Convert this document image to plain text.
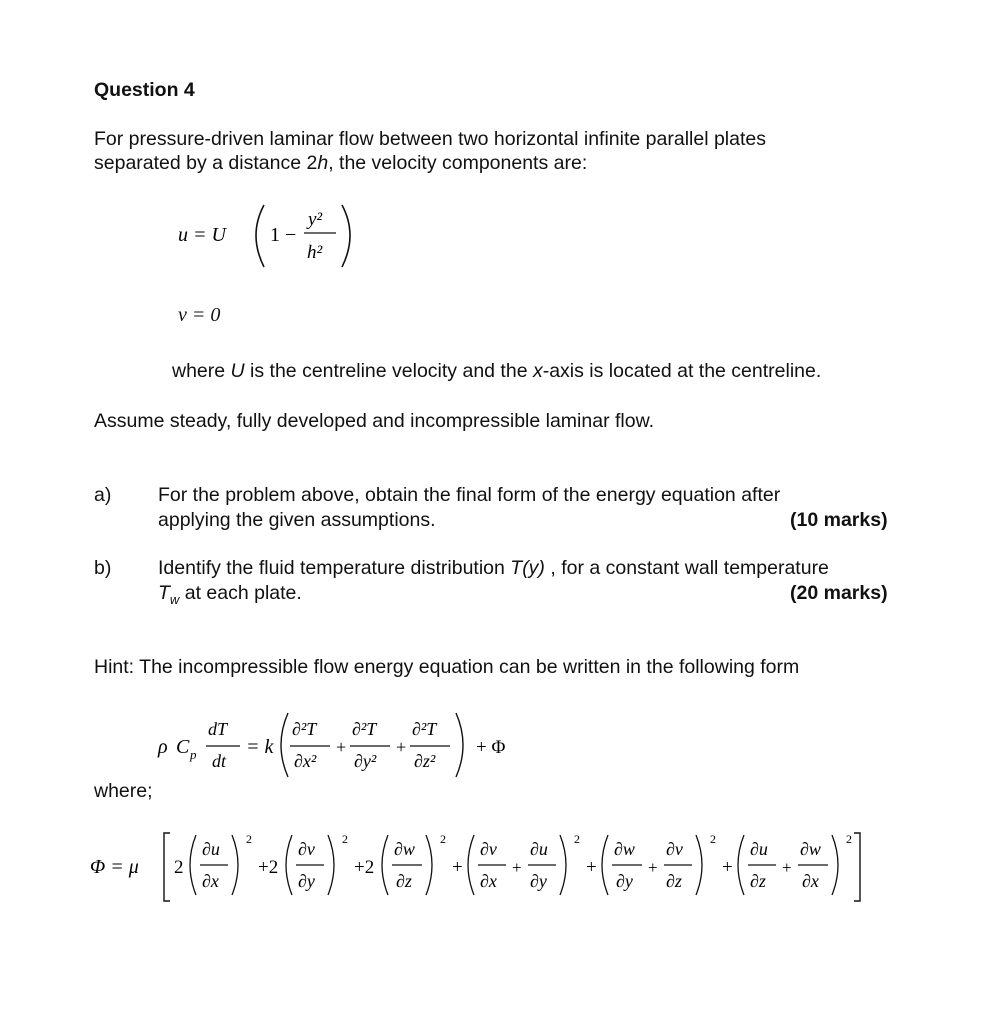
Question 4
For pressure-driven laminar flow between two horizontal infinite parallel plates
separated by a distance 2h, the velocity components are:
u = U 1 −
y²
h²
v = 0
where U is the centreline velocity and the x-axis is located at the centreline.
Assume steady, fully developed and incompressible laminar flow.
a) For the problem above, obtain the final form of the energy equation after
applying the given assumptions.	(10 marks)
b) Identify the fluid temperature distribution T(y) , for a constant wall temperature
$T_w$ at each plate.	(20 marks)
Hint: The incompressible flow energy equation can be written in the following form
ρ C p
dT
dt
= k
∂²T
∂x²
+
∂²T
∂y²
+
∂²T
∂z²
+ Φ
where;
Φ = μ 2
∂u
∂x
2
+2
∂v
∂y
2
+2
∂w
∂z
2
+
∂v
∂x
+
∂u
∂y
2
+
∂w
∂y
+
∂v
∂z
2
+
∂u
∂z
+
∂w
∂x
2
